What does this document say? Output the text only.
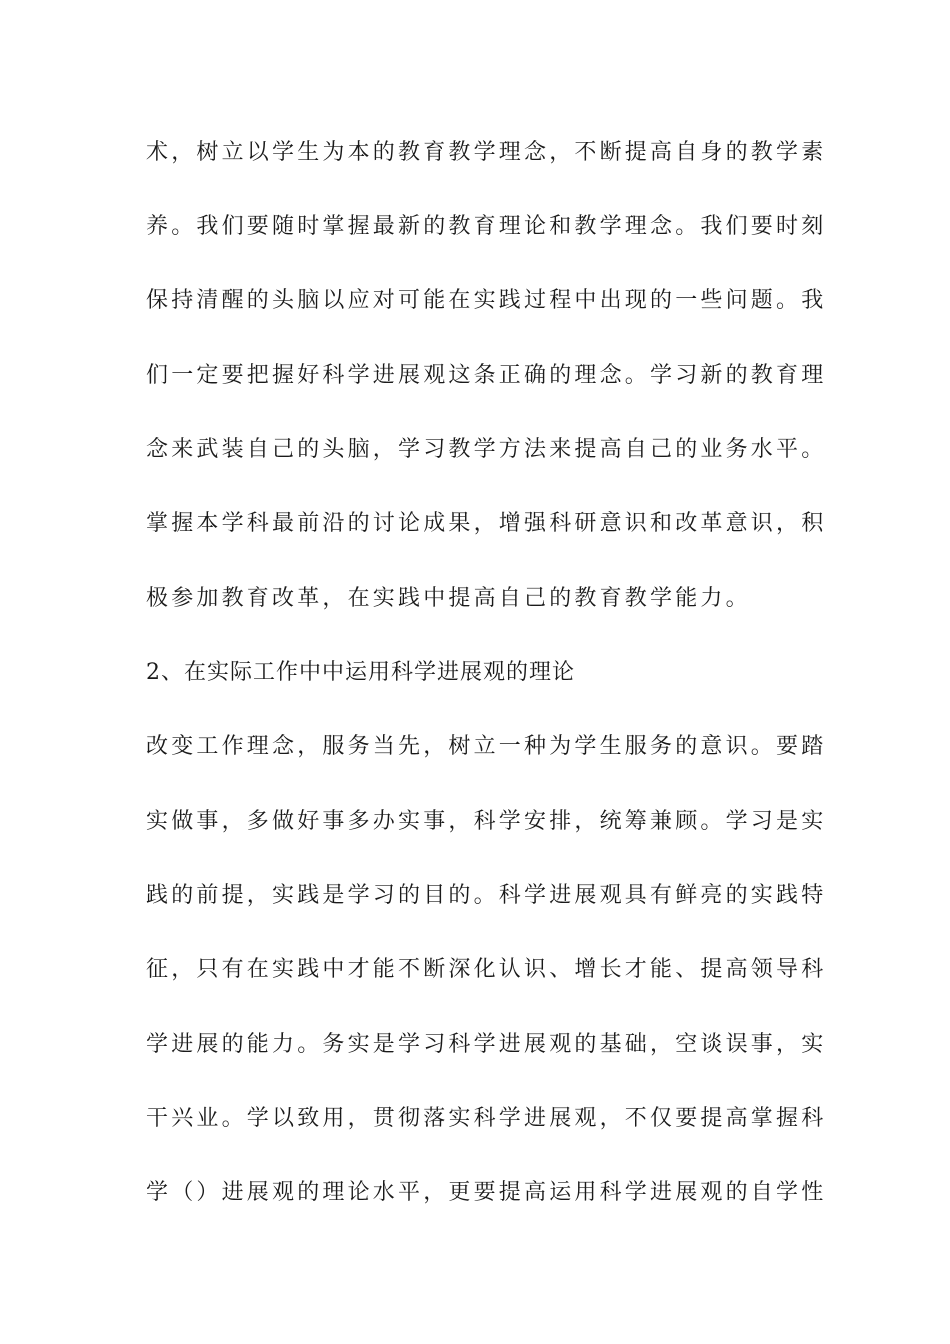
术，树立以学生为本的教育教学理念，不断提高自身的教学素
养。我们要随时掌握最新的教育理论和教学理念。我们要时刻
保持清醒的头脑以应对可能在实践过程中出现的一些问题。我
们一定要把握好科学进展观这条正确的理念。学习新的教育理
念来武装自己的头脑，学习教学方法来提高自己的业务水平。
掌握本学科最前沿的讨论成果，增强科研意识和改革意识，积
极参加教育改革，在实践中提高自己的教育教学能力。
2、在实际工作中中运用科学进展观的理论
改变工作理念，服务当先，树立一种为学生服务的意识。要踏
实做事，多做好事多办实事，科学安排，统筹兼顾。学习是实
践的前提，实践是学习的目的。科学进展观具有鲜亮的实践特
征，只有在实践中才能不断深化认识、增长才能、提高领导科
学进展的能力。务实是学习科学进展观的基础，空谈误事，实
干兴业。学以致用，贯彻落实科学进展观，不仅要提高掌握科
学（）进展观的理论水平，更要提高运用科学进展观的自学性
